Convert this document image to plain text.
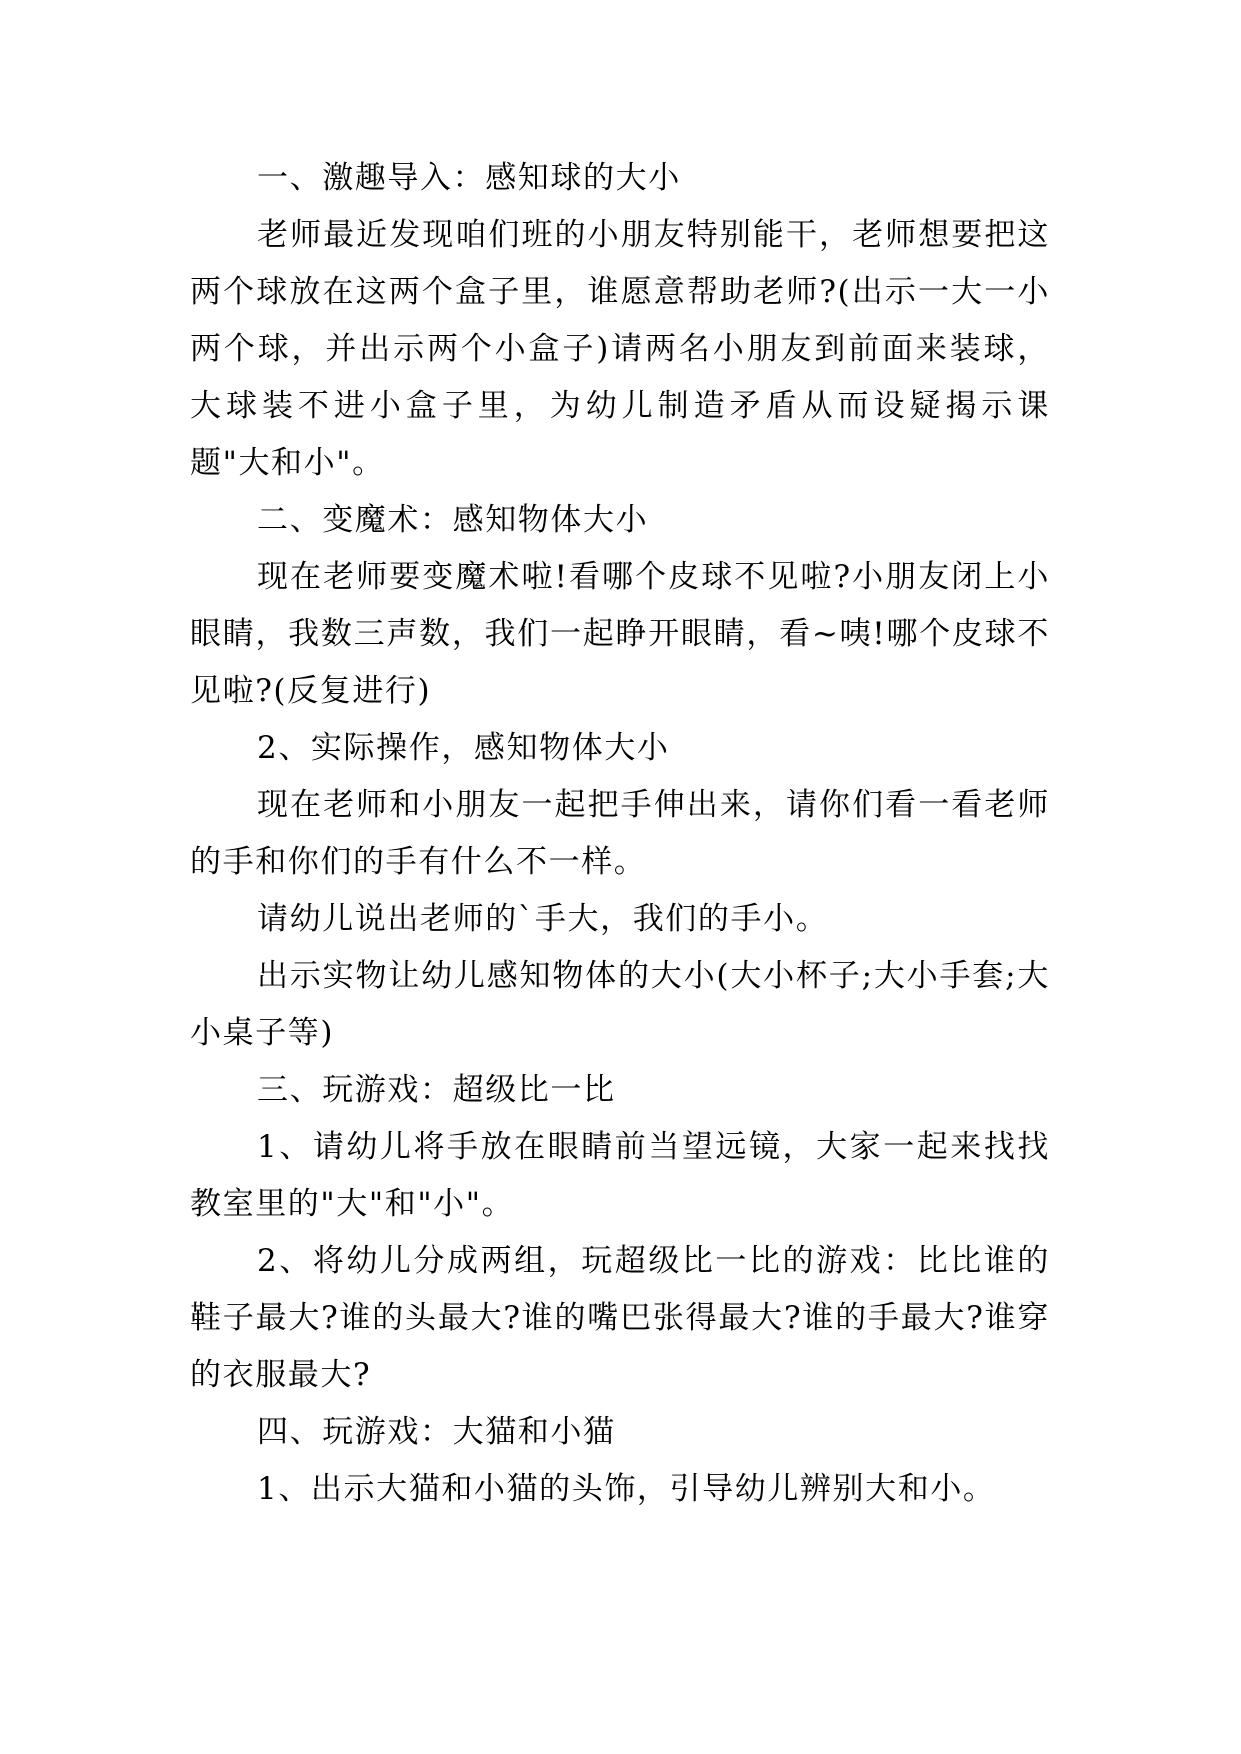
一、激趣导入：感知球的大小

老师最近发现咱们班的小朋友特别能干，老师想要把这两个球放在这两个盒子里，谁愿意帮助老师?(出示一大一小两个球，并出示两个小盒子)请两名小朋友到前面来装球，大球装不进小盒子里，为幼儿制造矛盾从而设疑揭示课题"大和小"。

二、变魔术：感知物体大小

现在老师要变魔术啦!看哪个皮球不见啦?小朋友闭上小眼睛，我数三声数，我们一起睁开眼睛，看~咦!哪个皮球不见啦?(反复进行)

2、实际操作，感知物体大小

现在老师和小朋友一起把手伸出来，请你们看一看老师的手和你们的手有什么不一样。

请幼儿说出老师的`手大，我们的手小。

出示实物让幼儿感知物体的大小(大小杯子;大小手套;大小桌子等)

三、玩游戏：超级比一比

1、请幼儿将手放在眼睛前当望远镜，大家一起来找找教室里的"大"和"小"。

2、将幼儿分成两组，玩超级比一比的游戏：比比谁的鞋子最大?谁的头最大?谁的嘴巴张得最大?谁的手最大?谁穿的衣服最大?

四、玩游戏：大猫和小猫

1、出示大猫和小猫的头饰，引导幼儿辨别大和小。
